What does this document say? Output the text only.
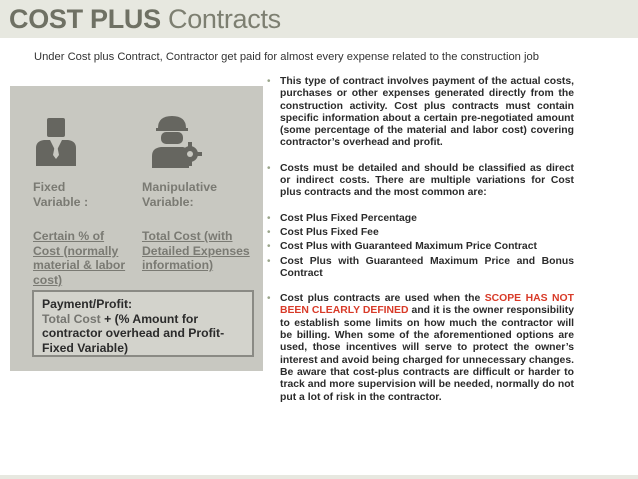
COST PLUS Contracts
Under Cost plus Contract, Contractor get paid for almost every expense related to the construction job
Fixed
Variable :
Manipulative
Variable:
Certain % of Cost (normally material & labor cost)
Total Cost (with Detailed Expenses information)
Payment/Profit:
Total Cost + (% Amount for contractor overhead and Profit-Fixed Variable)
• This type of contract involves payment of the actual costs, purchases or other expenses generated directly from the construction activity. Cost plus contracts must contain specific information about a certain pre-negotiated amount (some percentage of the material and labor cost) covering contractor’s overhead and profit.
• Costs must be detailed and should be classified as direct or indirect costs. There are multiple variations for Cost plus contracts and the most common are:
• Cost Plus Fixed Percentage
• Cost Plus Fixed Fee
• Cost Plus with Guaranteed Maximum Price Contract
• Cost Plus with Guaranteed Maximum Price and Bonus Contract
• Cost plus contracts are used when the SCOPE HAS NOT BEEN CLEARLY DEFINED and it is the owner responsibility to establish some limits on how much the contractor will be billing. When some of the aforementioned options are used, those incentives will serve to protect the owner’s interest and avoid being charged for unnecessary changes. Be aware that cost-plus contracts are difficult or harder to track and more supervision will be needed, normally do not put a lot of risk in the contractor.
